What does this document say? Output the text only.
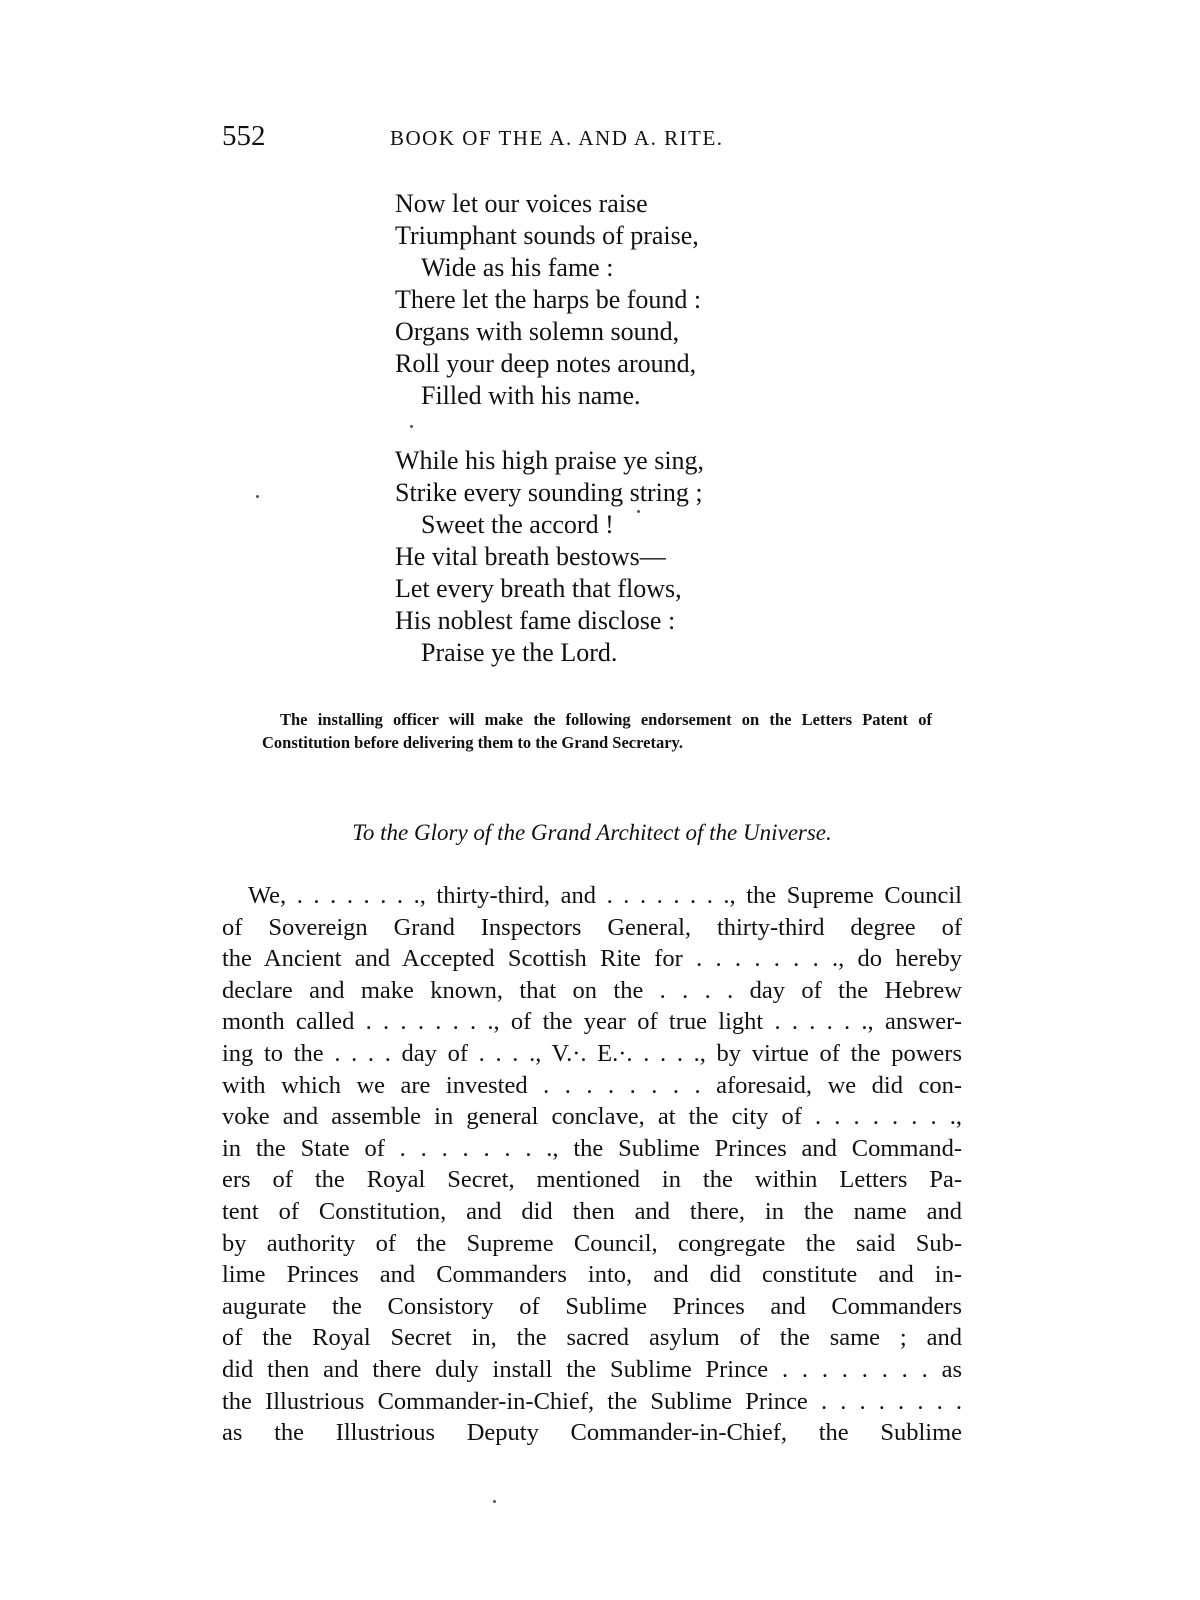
552	BOOK OF THE A. AND A. RITE.
Now let our voices raise
Triumphant sounds of praise,
Wide as his fame :
There let the harps be found :
Organs with solemn sound,
Roll your deep notes around,
Filled with his name.
While his high praise ye sing,
Strike every sounding string ;
Sweet the accord !
He vital breath bestows—
Let every breath that flows,
His noblest fame disclose :
Praise ye the Lord.

The installing officer will make the following endorsement on the Letters Patent of Constitution before delivering them to the Grand Secretary.

To the Glory of the Grand Architect of the Universe.
We, . . . . . . . ., thirty-third, and . . . . . . . ., the Supreme Council
of Sovereign Grand Inspectors General, thirty-third degree of
the Ancient and Accepted Scottish Rite for . . . . . . . ., do hereby
declare and make known, that on the . . . . day of the Hebrew
month called . . . . . . . ., of the year of true light . . . . . ., answer-
ing to the . . . . day of . . . ., V.·. E.·. . . . ., by virtue of the powers
with which we are invested . . . . . . . . aforesaid, we did con-
voke and assemble in general conclave, at the city of . . . . . . . .,
in the State of . . . . . . . ., the Sublime Princes and Command-
ers of the Royal Secret, mentioned in the within Letters Pa-
tent of Constitution, and did then and there, in the name and
by authority of the Supreme Council, congregate the said Sub-
lime Princes and Commanders into, and did constitute and in-
augurate the Consistory of Sublime Princes and Commanders
of the Royal Secret in, the sacred asylum of the same ; and
did then and there duly install the Sublime Prince . . . . . . . . as
the Illustrious Commander-in-Chief, the Sublime Prince . . . . . . . .
as the Illustrious Deputy Commander-in-Chief, the Sublime
